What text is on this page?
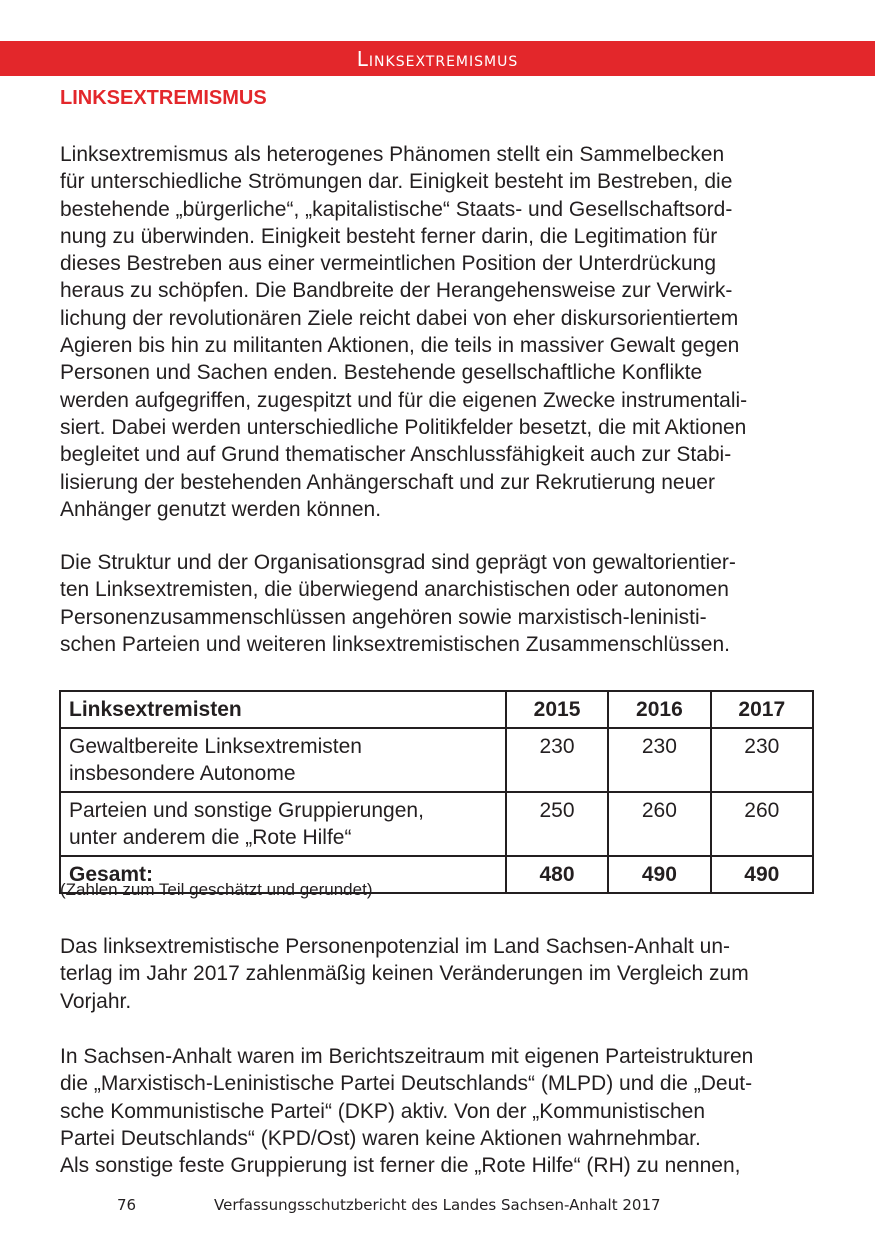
Linksextremismus
LINKSEXTREMISMUS

Linksextremismus als heterogenes Phänomen stellt ein Sammelbecken
für unterschiedliche Strömungen dar. Einigkeit besteht im Bestreben, die
bestehende „bürgerliche“, „kapitalistische“ Staats- und Gesellschaftsord-
nung zu überwinden. Einigkeit besteht ferner darin, die Legitimation für
dieses Bestreben aus einer vermeintlichen Position der Unterdrückung
heraus zu schöpfen. Die Bandbreite der Herangehensweise zur Verwirk-
lichung der revolutionären Ziele reicht dabei von eher diskursorientiertem
Agieren bis hin zu militanten Aktionen, die teils in massiver Gewalt gegen
Personen und Sachen enden. Bestehende gesellschaftliche Konflikte
werden aufgegriffen, zugespitzt und für die eigenen Zwecke instrumentali-
siert. Dabei werden unterschiedliche Politikfelder besetzt, die mit Aktionen
begleitet und auf Grund thematischer Anschlussfähigkeit auch zur Stabi-
lisierung der bestehenden Anhängerschaft und zur Rekrutierung neuer
Anhänger genutzt werden können.

Die Struktur und der Organisationsgrad sind geprägt von gewaltorientier-
ten Linksextremisten, die überwiegend anarchistischen oder autonomen
Personenzusammenschlüssen angehören sowie marxistisch-leninisti-
schen Parteien und weiteren linksextremistischen Zusammenschlüssen.

Linksextremisten	2015	2016	2017

Gewaltbereite Linksextremisten
insbesondere Autonome	230	230	230

Parteien und sonstige Gruppierungen,
unter anderem die „Rote Hilfe“	250	260	260
Gesamt:	480	490	490
(Zahlen zum Teil geschätzt und gerundet)

Das linksextremistische Personenpotenzial im Land Sachsen-Anhalt un-
terlag im Jahr 2017 zahlenmäßig keinen Veränderungen im Vergleich zum
Vorjahr.

In Sachsen-Anhalt waren im Berichtszeitraum mit eigenen Parteistrukturen
die „Marxistisch-Leninistische Partei Deutschlands“ (MLPD) und die „Deut-
sche Kommunistische Partei“ (DKP) aktiv. Von der „Kommunistischen
Partei Deutschlands“ (KPD/Ost) waren keine Aktionen wahrnehmbar.
Als sonstige feste Gruppierung ist ferner die „Rote Hilfe“ (RH) zu nennen,

76	Verfassungsschutzbericht des Landes Sachsen-Anhalt 2017
